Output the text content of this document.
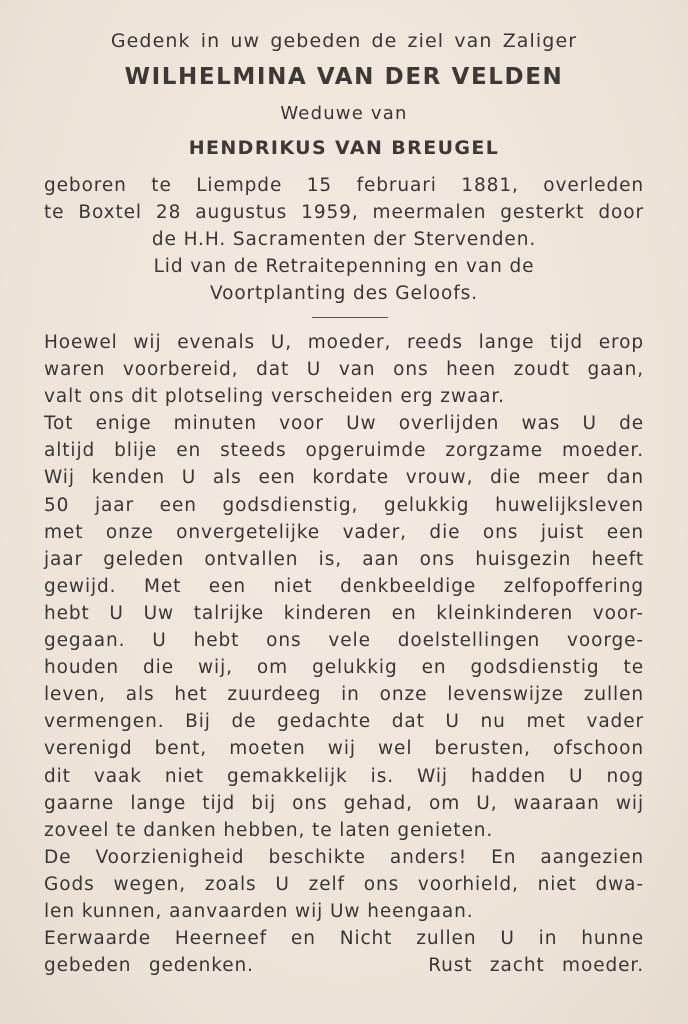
Gedenk in uw gebeden de ziel van Zaliger
WILHELMINA VAN DER VELDEN
Weduwe van
HENDRIKUS VAN BREUGEL
geboren te Liempde 15 februari 1881, overleden
te Boxtel 28 augustus 1959, meermalen gesterkt door
de H.H. Sacramenten der Stervenden.
Lid van de Retraitepenning en van de
Voortplanting des Geloofs.
Hoewel wij evenals U, moeder, reeds lange tijd erop
waren voorbereid, dat U van ons heen zoudt gaan,
valt ons dit plotseling verscheiden erg zwaar.
Tot enige minuten voor Uw overlijden was U de
altijd blije en steeds opgeruimde zorgzame moeder.
Wij kenden U als een kordate vrouw, die meer dan
50 jaar een godsdienstig, gelukkig huwelijksleven
met onze onvergetelijke vader, die ons juist een
jaar geleden ontvallen is, aan ons huisgezin heeft
gewijd. Met een niet denkbeeldige zelfopoffering
hebt U Uw talrijke kinderen en kleinkinderen voor-
gegaan. U hebt ons vele doelstellingen voorge-
houden die wij, om gelukkig en godsdienstig te
leven, als het zuurdeeg in onze levenswijze zullen
vermengen. Bij de gedachte dat U nu met vader
verenigd bent, moeten wij wel berusten, ofschoon
dit vaak niet gemakkelijk is. Wij hadden U nog
gaarne lange tijd bij ons gehad, om U, waaraan wij
zoveel te danken hebben, te laten genieten.
De Voorzienigheid beschikte anders! En aangezien
Gods wegen, zoals U zelf ons voorhield, niet dwa-
len kunnen, aanvaarden wij Uw heengaan.
Eerwaarde Heerneef en Nicht zullen U in hunne
gebeden gedenken.          Rust zacht moeder.
